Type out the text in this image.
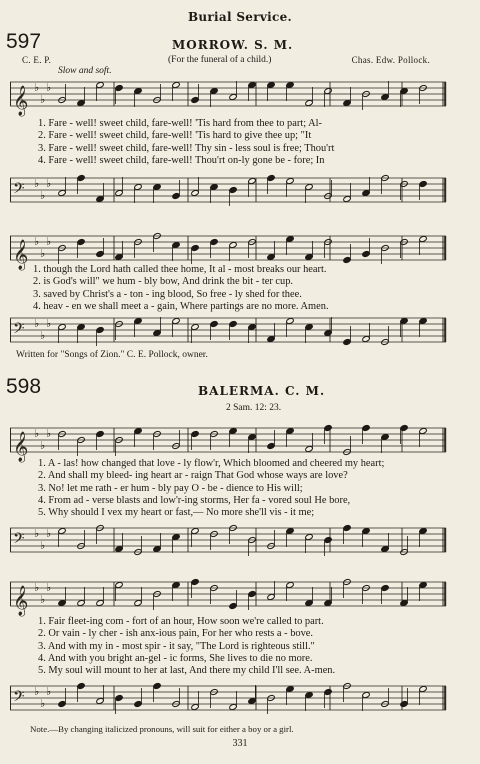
Burial Service.
597	MORROW. S. M.
(For the funeral of a child.)
C. E. P.	Chas. Edw. Pollock.
Slow and soft.
𝄞 ♭
♭
♭
1. Fare - well! sweet child, fare-well! 'Tis hard from thee to part; Al-
2. Fare - well! sweet child, fare-well! 'Tis hard to give thee up; "It
3. Fare - well! sweet child, fare-well! Thy sin - less soul is free; Thou'rt
4. Fare - well! sweet child, fare-well! Thou'rt on-ly gone be - fore; In
𝄢 ♭
♭
♭
𝄞 ♭
♭
♭
1. though the Lord hath called thee home, It al - most breaks our heart.
2. is God's will" we hum - bly bow, And drink the bit - ter cup.
3. saved by Christ's a - ton - ing blood, So free - ly shed for thee.
4. heav - en we shall meet a - gain, Where partings are no more. Amen.
𝄢 ♭
♭
♭
Written for "Songs of Zion." C. E. Pollock, owner.
598	BALERMA. C. M.
2 Sam. 12: 23.
𝄞 ♭
♭
♭
1. A - las! how changed that love - ly flow'r, Which bloomed and cheered my heart;
2. And shall my bleed- ing heart ar - raign That God whose ways are love?
3. No! let me rath - er hum - bly pay O - be - dience to His will;
4. From ad - verse blasts and low'r-ing storms, Her fa - vored soul He bore,
5. Why should I vex my heart or fast,— No more she'll vis - it me;
𝄢 ♭
♭
♭
𝄞 ♭
♭
♭
1. Fair fleet-ing com - fort of an hour, How soon we're called to part.
2. Or vain - ly cher - ish anx-ious pain, For her who rests a - bove.
3. And with my in - most spir - it say, "The Lord is righteous still."
4. And with you bright an-gel - ic forms, She lives to die no more.
5. My soul will mount to her at last, And there my child I'll see. A-men.
𝄢 ♭
♭
♭
Note.—By changing italicized pronouns, will suit for either a boy or a girl.
331
